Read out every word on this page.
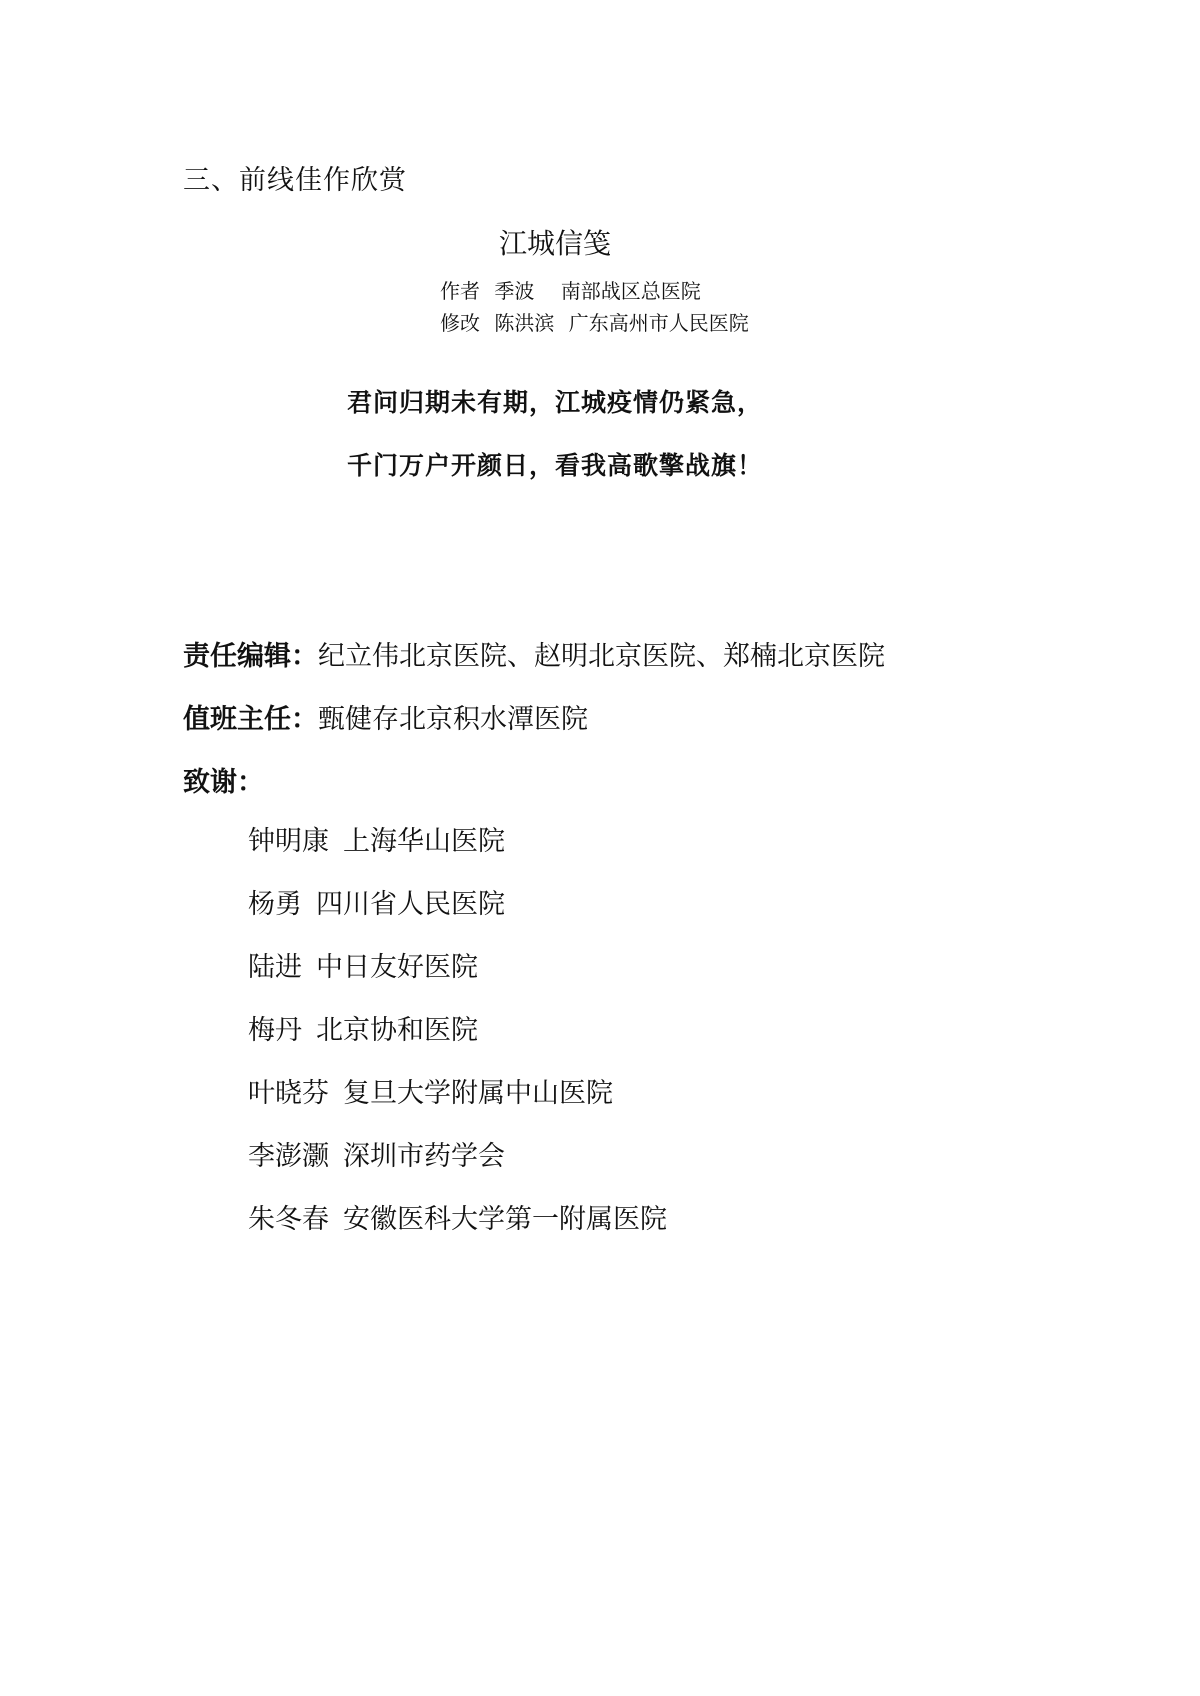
三、前线佳作欣赏
江城信笺
作者 季波 南部战区总医院
修改 陈洪滨 广东高州市人民医院
君问归期未有期，江城疫情仍紧急，
千门万户开颜日，看我高歌擎战旗！
责任编辑：纪立伟北京医院、赵明北京医院、郑楠北京医院
值班主任：甄健存北京积水潭医院
致谢：
钟明康 上海华山医院
杨勇 四川省人民医院
陆进 中日友好医院
梅丹 北京协和医院
叶晓芬 复旦大学附属中山医院
李澎灏 深圳市药学会
朱冬春 安徽医科大学第一附属医院
